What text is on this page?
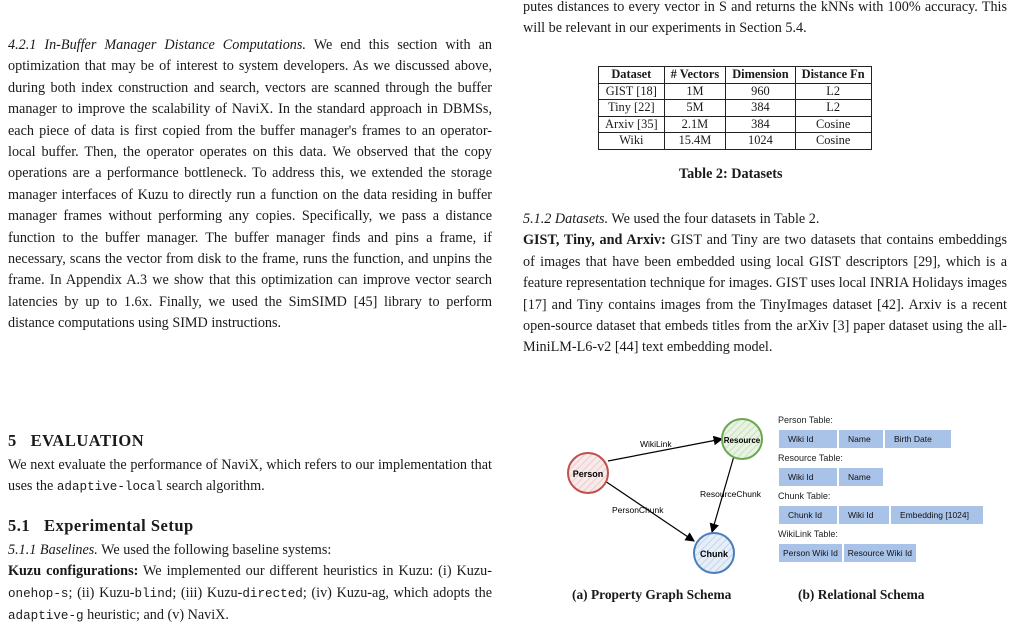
4.2.1 In-Buffer Manager Distance Computations. We end this section with an optimization that may be of interest to system developers. As we discussed above, during both index construction and search, vectors are scanned through the buffer manager to improve the scalability of NaviX. In the standard approach in DBMSs, each piece of data is first copied from the buffer manager's frames to an operator-local buffer. Then, the operator operates on this data. We observed that the copy operations are a performance bottleneck. To address this, we extended the storage manager interfaces of Kuzu to directly run a function on the data residing in buffer manager frames without performing any copies. Specifically, we pass a distance function to the buffer manager. The buffer manager finds and pins a frame, if necessary, scans the vector from disk to the frame, runs the function, and unpins the frame. In Appendix A.3 we show that this optimization can improve vector search latencies by up to 1.6x. Finally, we used the SimSIMD [45] library to perform distance computations using SIMD instructions.

5 EVALUATION

We next evaluate the performance of NaviX, which refers to our implementation that uses the adaptive-local search algorithm.

5.1 Experimental Setup

5.1.1 Baselines. We used the following baseline systems:

Kuzu configurations: We implemented our different heuristics in Kuzu: (i) Kuzu-onehop-s; (ii) Kuzu-blind; (iii) Kuzu-directed; (iv) Kuzu-ag, which adopts the adaptive-g heuristic; and (v) NaviX.

putes distances to every vector in S and returns the kNNs with 100% accuracy. This will be relevant in our experiments in Section 5.4.

Dataset	# Vectors	Dimension	Distance Fn
GIST [18]	1M	960	L2
Tiny [22]	5M	384	L2
Arxiv [35]	2.1M	384	Cosine
Wiki	15.4M	1024	Cosine
Table 2: Datasets

5.1.2 Datasets. We used the four datasets in Table 2.

GIST, Tiny, and Arxiv: GIST and Tiny are two datasets that contains embeddings of images that have been embedded using local GIST descriptors [29], which is a feature representation technique for images. GIST uses local INRIA Holidays images [17] and Tiny contains images from the TinyImages dataset [42]. Arxiv is a recent open-source dataset that embeds titles from the arXiv [3] paper dataset using the all-MiniLM-L6-v2 [44] text embedding model.

Person
Resource
Chunk
WikiLink
ResourceChunk
PersonChunk
Person Table:
Wiki Id	Name	Birth Date
Resource Table:
Wiki Id	Name
Chunk Table:
Chunk Id	Wiki Id	Embedding [1024]
WikiLink Table:
Person Wiki Id	Resource Wiki Id
(a) Property Graph Schema	(b) Relational Schema
